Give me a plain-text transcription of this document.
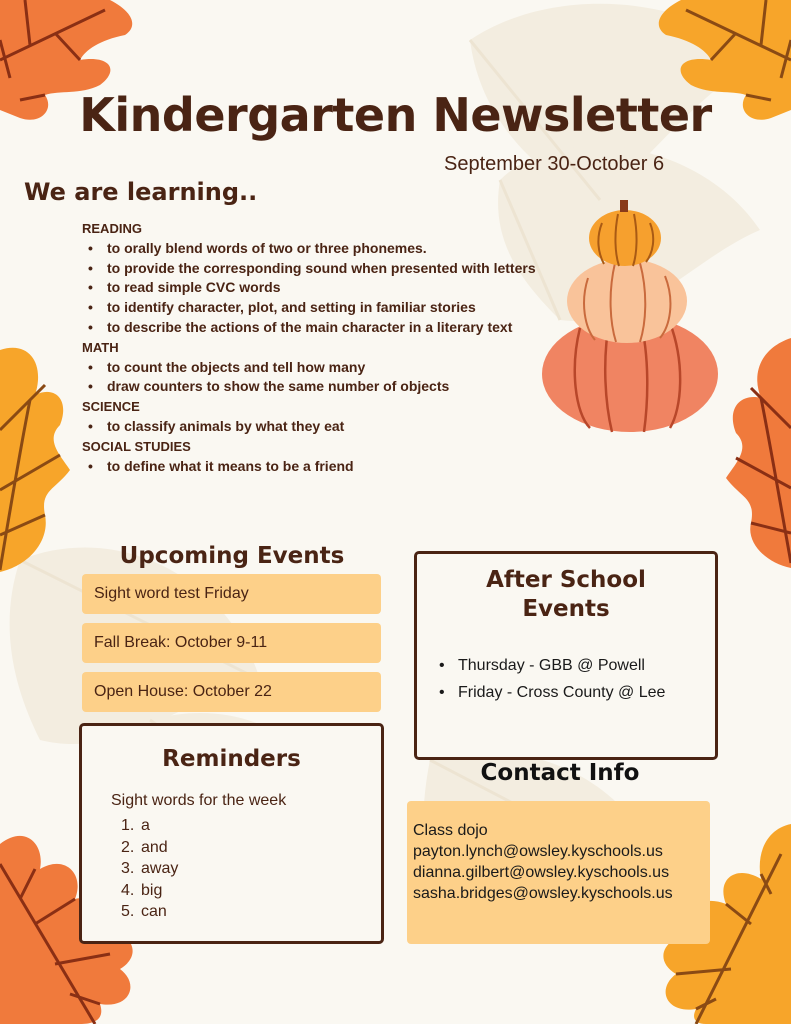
Kindergarten Newsletter
September 30-October 6
We are learning..
READING
• to orally blend words of two or three phonemes.
• to provide the corresponding sound when presented with letters
• to read simple CVC words
• to identify character, plot, and setting in familiar stories
• to describe the actions of the main character in a literary text
MATH
• to count the objects and tell how many
• draw counters to show the same number of objects
SCIENCE
• to classify animals by what they eat
SOCIAL STUDIES
• to define what it means to be a friend
Upcoming Events
Sight word test Friday
Fall Break: October 9-11
Open House: October 22
After School
Events
• Thursday - GBB @ Powell
• Friday - Cross County @ Lee
Reminders
Sight words for the week
1. a
2. and
3. away
4. big
5. can
Contact Info
Class dojo
payton.lynch@owsley.kyschools.us
dianna.gilbert@owsley.kyschools.us
sasha.bridges@owsley.kyschools.us
